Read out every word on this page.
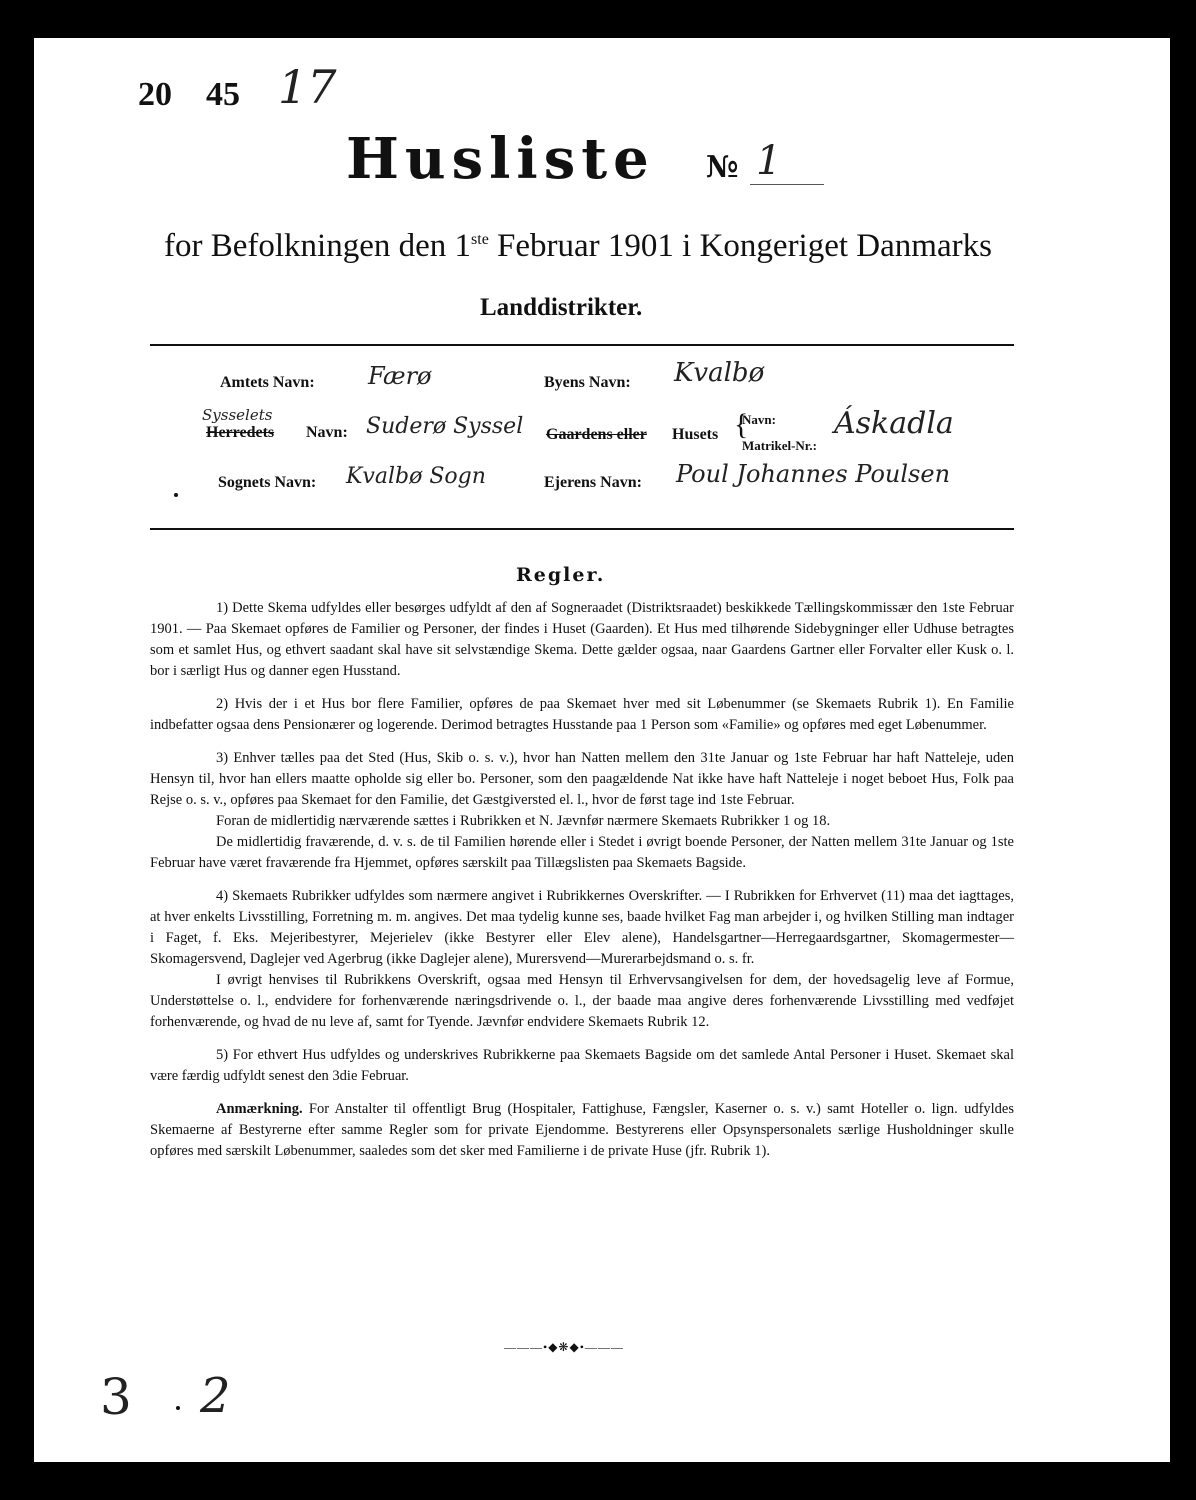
20 45 17
Husliste № 1
for Befolkningen den 1ste Februar 1901 i Kongeriget Danmarks
Landdistrikter.
Amtets Navn: Færø
Sysselets
Herredets Navn: Suderø Syssel
Sognets Navn: Kvalbø Sogn
Byens Navn: Kvalbø
Gaardens eller Husets {
Navn:
Matrikel-Nr.:
Áskadla
Ejerens Navn: Poul Johannes Poulsen
Regler.

1) Dette Skema udfyldes eller besørges udfyldt af den af Sogneraadet (Distriktsraadet) beskikkede Tællingskommissær den 1ste Februar 1901. — Paa Skemaet opføres de Familier og Personer, der findes i Huset (Gaarden). Et Hus med tilhørende Sidebygninger eller Udhuse betragtes som et samlet Hus, og ethvert saadant skal have sit selvstændige Skema. Dette gælder ogsaa, naar Gaardens Gartner eller Forvalter eller Kusk o. l. bor i særligt Hus og danner egen Husstand.

2) Hvis der i et Hus bor flere Familier, opføres de paa Skemaet hver med sit Løbenummer (se Skemaets Rubrik 1). En Familie indbefatter ogsaa dens Pensionærer og logerende. Derimod betragtes Husstande paa 1 Person som «Familie» og opføres med eget Løbenummer.

3) Enhver tælles paa det Sted (Hus, Skib o. s. v.), hvor han Natten mellem den 31te Januar og 1ste Februar har haft Natteleje, uden Hensyn til, hvor han ellers maatte opholde sig eller bo. Personer, som den paagældende Nat ikke have haft Natteleje i noget beboet Hus, Folk paa Rejse o. s. v., opføres paa Skemaet for den Familie, det Gæstgiversted el. l., hvor de først tage ind 1ste Februar.

Foran de midlertidig nærværende sættes i Rubrikken et N. Jævnfør nærmere Skemaets Rubrikker 1 og 18.

De midlertidig fraværende, d. v. s. de til Familien hørende eller i Stedet i øvrigt boende Personer, der Natten mellem 31te Januar og 1ste Februar have været fraværende fra Hjemmet, opføres særskilt paa Tillægslisten paa Skemaets Bagside.

4) Skemaets Rubrikker udfyldes som nærmere angivet i Rubrikkernes Overskrifter. — I Rubrikken for Erhvervet (11) maa det iagttages, at hver enkelts Livsstilling, Forretning m. m. angives. Det maa tydelig kunne ses, baade hvilket Fag man arbejder i, og hvilken Stilling man indtager i Faget, f. Eks. Mejeribestyrer, Mejerielev (ikke Bestyrer eller Elev alene), Handelsgartner—Herregaardsgartner, Skomagermester—Skomagersvend, Daglejer ved Agerbrug (ikke Daglejer alene), Murersvend—Murerarbejdsmand o. s. fr.

I øvrigt henvises til Rubrikkens Overskrift, ogsaa med Hensyn til Erhvervsangivelsen for dem, der hovedsagelig leve af Formue, Understøttelse o. l., endvidere for forhenværende næringsdrivende o. l., der baade maa angive deres forhenværende Livsstilling med vedføjet forhenværende, og hvad de nu leve af, samt for Tyende. Jævnfør endvidere Skemaets Rubrik 12.

5) For ethvert Hus udfyldes og underskrives Rubrikkerne paa Skemaets Bagside om det samlede Antal Personer i Huset. Skemaet skal være færdig udfyldt senest den 3die Februar.

Anmærkning. For Anstalter til offentligt Brug (Hospitaler, Fattighuse, Fængsler, Kaserner o. s. v.) samt Hoteller o. lign. udfyldes Skemaerne af Bestyrerne efter samme Regler som for private Ejendomme. Bestyrerens eller Opsynspersonalets særlige Husholdninger skulle opføres med særskilt Løbenummer, saaledes som det sker med Familierne i de private Huse (jfr. Rubrik 1).

———•◆❋◆•———
3 2
